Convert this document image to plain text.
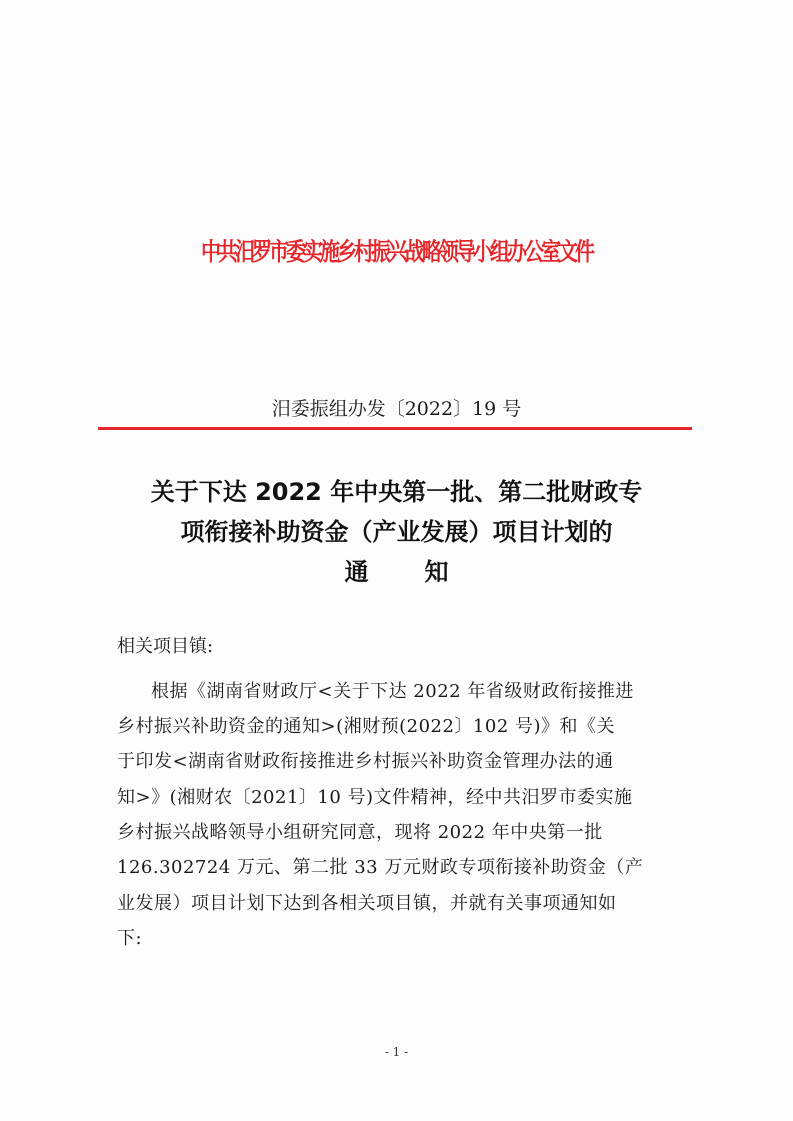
中共汨罗市委实施乡村振兴战略领导小组办公室文件
汨委振组办发〔2022〕19 号
关于下达 2022 年中央第一批、第二批财政专
项衔接补助资金（产业发展）项目计划的
通 知
相关项目镇:
根据《湖南省财政厅<关于下达 2022 年省级财政衔接推进
乡村振兴补助资金的通知>(湘财预(2022〕102 号)》和《关
于印发<湖南省财政衔接推进乡村振兴补助资金管理办法的通
知>》(湘财农〔2021〕10 号)文件精神，经中共汨罗市委实施
乡村振兴战略领导小组研究同意，现将 2022 年中央第一批
126.302724 万元、第二批 33 万元财政专项衔接补助资金（产
业发展）项目计划下达到各相关项目镇，并就有关事项通知如
下:
- 1 -
